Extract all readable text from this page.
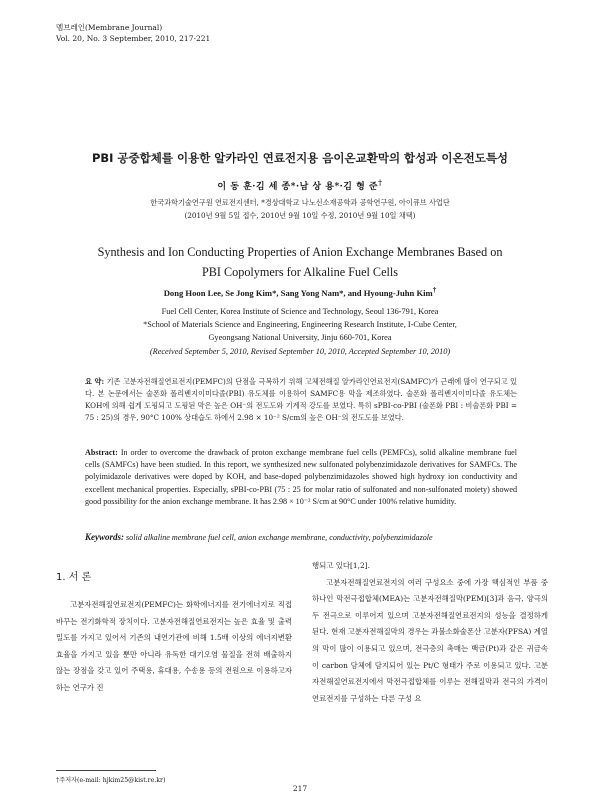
멤브레인(Membrane Journal)
Vol. 20, No. 3 September, 2010, 217-221
PBI 공중합체를 이용한 알카라인 연료전지용 음이온교환막의 합성과 이온전도특성
이 동 훈·김 세 종*·남 상 용*·김 형 준†
한국과학기술연구원 연료전지센터, *경상대학교 나노신소재공학과 공학연구원, 아이큐브 사업단
(2010년 9월 5일 접수, 2010년 9월 10일 수정, 2010년 9월 10일 채택)
Synthesis and Ion Conducting Properties of Anion Exchange Membranes Based on
PBI Copolymers for Alkaline Fuel Cells
Dong Hoon Lee, Se Jong Kim*, Sang Yong Nam*, and Hyoung-Juhn Kim†
Fuel Cell Center, Korea Institute of Science and Technology, Seoul 136-791, Korea
*School of Materials Science and Engineering, Engineering Research Institute, I-Cube Center,
Gyeongsang National University, Jinju 660-701, Korea
(Received September 5, 2010, Revised September 10, 2010, Accepted September 10, 2010)
요 약: 기존 고분자전해질연료전지(PEMFC)의 단점을 극복하기 위해 고체전해질 알카라인연료전지(SAMFC)가 근래에 많이 연구되고 있다. 본 논문에서는 술폰화 폴리벤지이미다졸(PBI) 유도체를 이용하여 SAMFC용 막을 제조하였다. 술폰화 폴리벤지이미다졸 유도체는 KOH에 의해 쉽게 도핑되고 도핑된 막은 높은 OH⁻의 전도도와 기계적 강도를 보였다. 특히 sPBI-co-PBI (술폰화 PBI : 비술폰화 PBI = 75 : 25)의 경우, 90°C 100% 상대습도 하에서 2.98 × 10⁻² S/cm의 높은 OH⁻의 전도도를 보였다.
Abstract: In order to overcome the drawback of proton exchange membrane fuel cells (PEMFCs), solid alkaline membrane fuel cells (SAMFCs) have been studied. In this report, we synthesized new sulfonated polybenzimidazole derivatives for SAMFCs. The polyimidazole derivatives were doped by KOH, and base-doped polybenzimidazoles showed high hydroxy ion conductivity and excellent mechanical properties. Especially, sPBI-co-PBI (75 : 25 for molar ratio of sulfonated and non-sulfonated moiety) showed good possibility for the anion exchange membrane. It has 2.98 × 10⁻² S/cm at 90°C under 100% relative humidity.
Keywords: solid alkaline membrane fuel cell, anion exchange membrane, conductivity, polybenzimidazole
1. 서 론

고분자전해질연료전지(PEMFC)는 화학에너지를 전기에너지로 직접 바꾸는 전기화학적 장치이다. 고분자전해질연료전지는 높은 효율 및 출력밀도를 가지고 있어서 기존의 내연기관에 비해 1.5배 이상의 에너지변환 효율을 가지고 있을 뿐만 아니라 유독한 대기오염 물질을 전혀 배출하지 않는 장점을 갖고 있어 주택용, 휴대용, 수송용 등의 전원으로 이용하고자 하는 연구가 진

행되고 있다[1,2].

고분자전해질연료전지의 여러 구성요소 중에 가장 핵심적인 부품 중 하나인 막전극접합체(MEA)는 고분자전해질막(PEM)[3]과 음극, 양극의 두 전극으로 이루어져 있으며 고분자전해질연료전지의 성능을 결정하게 된다. 현재 고분자전해질막의 경우는 과불소화술폰산 고분자(PFSA) 계열의 막이 많이 이용되고 있으며, 전극층의 촉매는 백금(Pt)과 같은 귀금속이 carbon 담체에 담지되어 있는 Pt/C 형태가 주로 이용되고 있다. 고분자전해질연료전지에서 막전극접합체를 이루는 전해질막과 전극의 가격이 연료전지를 구성하는 다른 구성 요

†주저자(e-mail: hjkim25@kist.re.kr)
217
